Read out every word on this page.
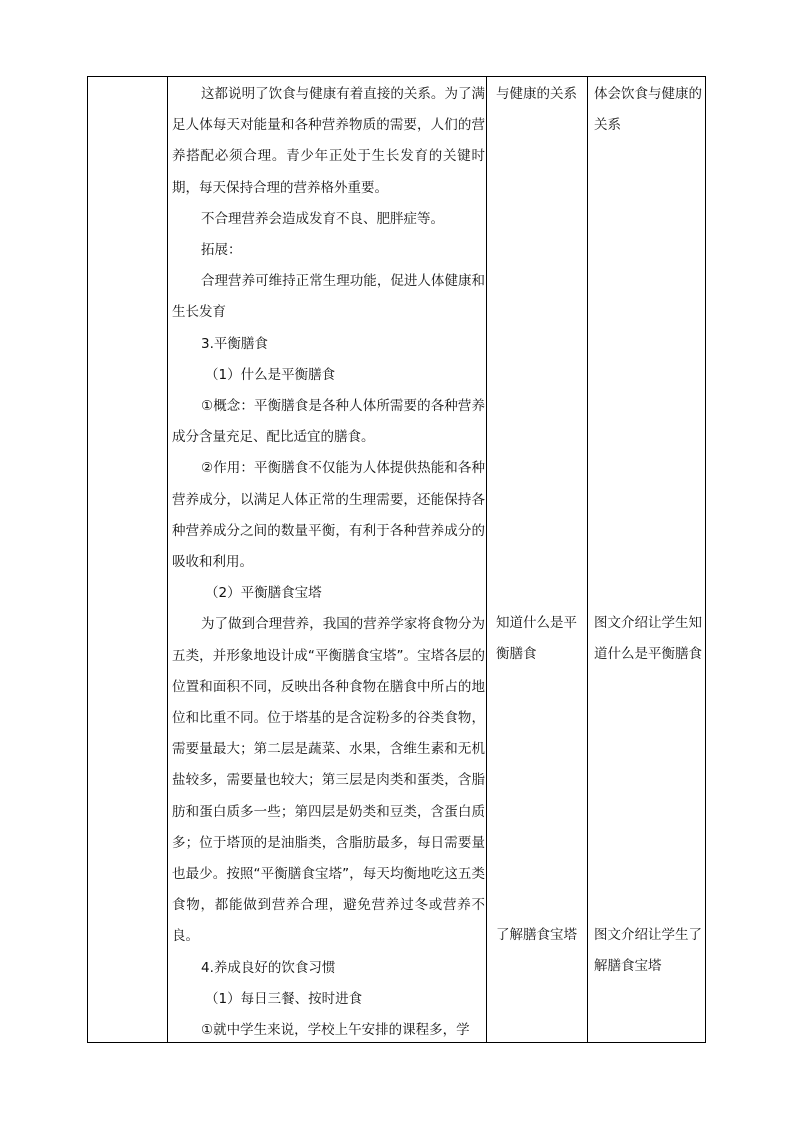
这都说明了饮食与健康有着直接的关系。为了满足人体每天对能量和各种营养物质的需要，人们的营养搭配必须合理。青少年正处于生长发育的关键时期，每天保持合理的营养格外重要。

不合理营养会造成发育不良、肥胖症等。

拓展：

合理营养可维持正常生理功能，促进人体健康和生长发育

3.平衡膳食

（1）什么是平衡膳食

①概念：平衡膳食是各种人体所需要的各种营养成分含量充足、配比适宜的膳食。

②作用：平衡膳食不仅能为人体提供热能和各种营养成分，以满足人体正常的生理需要，还能保持各种营养成分之间的数量平衡，有利于各种营养成分的吸收和利用。

（2）平衡膳食宝塔

为了做到合理营养，我国的营养学家将食物分为五类，并形象地设计成“平衡膳食宝塔”。宝塔各层的位置和面积不同，反映出各种食物在膳食中所占的地位和比重不同。位于塔基的是含淀粉多的谷类食物，需要量最大；第二层是蔬菜、水果，含维生素和无机盐较多，需要量也较大；第三层是肉类和蛋类，含脂肪和蛋白质多一些；第四层是奶类和豆类，含蛋白质多；位于塔顶的是油脂类，含脂肪最多，每日需要量也最少。按照“平衡膳食宝塔”，每天均衡地吃这五类食物，都能做到营养合理，避免营养过冬或营养不良。

4.养成良好的饮食习惯

（1）每日三餐、按时进食

①就中学生来说，学校上午安排的课程多，学

与健康的关系
知道什么是平衡膳食
了解膳食宝塔
体会饮食与健康的关系
图文介绍让学生知道什么是平衡膳食
图文介绍让学生了解膳食宝塔
